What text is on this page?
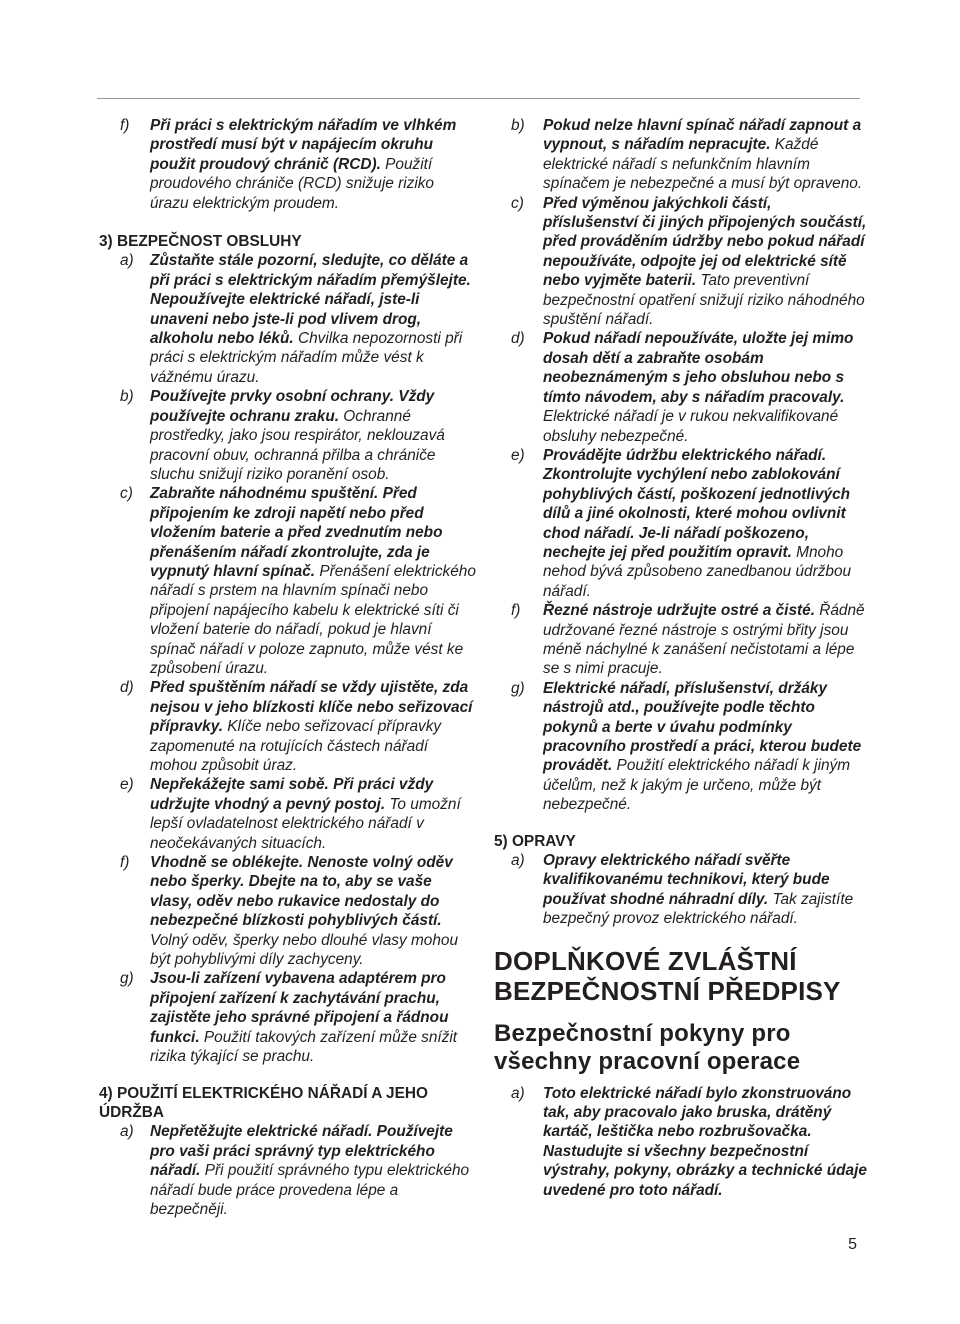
f) Při práci s elektrickým nářadím ve vlhkém prostředí musí být v napájecím okruhu použit proudový chránič (RCD). Použití proudového chrániče (RCD) snižuje riziko úrazu elektrickým proudem.
3) BEZPEČNOST OBSLUHY
a) Zůstaňte stále pozorní, sledujte, co děláte a při práci s elektrickým nářadím přemýšlejte. Nepoužívejte elektrické nářadí, jste-li unaveni nebo jste-li pod vlivem drog, alkoholu nebo léků. Chvilka nepozornosti při práci s elektrickým nářadím může vést k vážnému úrazu.
b) Používejte prvky osobní ochrany. Vždy používejte ochranu zraku. Ochranné prostředky, jako jsou respirátor, neklouzavá pracovní obuv, ochranná přilba a chrániče sluchu snižují riziko poranění osob.
c) Zabraňte náhodnému spuštění. Před připojením ke zdroji napětí nebo před vložením baterie a před zvednutím nebo přenášením nářadí zkontrolujte, zda je vypnutý hlavní spínač. Přenášení elektrického nářadí s prstem na hlavním spínači nebo připojení napájecího kabelu k elektrické síti či vložení baterie do nářadí, pokud je hlavní spínač nářadí v poloze zapnuto, může vést ke způsobení úrazu.
d) Před spuštěním nářadí se vždy ujistěte, zda nejsou v jeho blízkosti klíče nebo seřizovací přípravky. Klíče nebo seřizovací přípravky zapomenuté na rotujících částech nářadí mohou způsobit úraz.
e) Nepřekážejte sami sobě. Při práci vždy udržujte vhodný a pevný postoj. To umožní lepší ovladatelnost elektrického nářadí v neočekávaných situacích.
f) Vhodně se oblékejte. Nenoste volný oděv nebo šperky. Dbejte na to, aby se vaše vlasy, oděv nebo rukavice nedostaly do nebezpečné blízkosti pohyblivých částí. Volný oděv, šperky nebo dlouhé vlasy mohou být pohyblivými díly zachyceny.
g) Jsou-li zařízení vybavena adaptérem pro připojení zařízení k zachytávání prachu, zajistěte jeho správné připojení a řádnou funkci. Použití takových zařízení může snížit rizika týkající se prachu.
4) POUŽITÍ ELEKTRICKÉHO NÁŘADÍ A JEHO ÚDRŽBA
a) Nepřetěžujte elektrické nářadí. Používejte pro vaši práci správný typ elektrického nářadí. Při použití správného typu elektrického nářadí bude práce provedena lépe a bezpečněji.
b) Pokud nelze hlavní spínač nářadí zapnout a vypnout, s nářadím nepracujte. Každé elektrické nářadí s nefunkčním hlavním spínačem je nebezpečné a musí být opraveno.
c) Před výměnou jakýchkoli částí, příslušenství či jiných připojených součástí, před prováděním údržby nebo pokud nářadí nepoužíváte, odpojte jej od elektrické sítě nebo vyjměte baterii. Tato preventivní bezpečnostní opatření snižují riziko náhodného spuštění nářadí.
d) Pokud nářadí nepoužíváte, uložte jej mimo dosah dětí a zabraňte osobám neobeznámeným s jeho obsluhou nebo s tímto návodem, aby s nářadím pracovaly. Elektrické nářadí je v rukou nekvalifikované obsluhy nebezpečné.
e) Provádějte údržbu elektrického nářadí. Zkontrolujte vychýlení nebo zablokování pohyblivých částí, poškození jednotlivých dílů a jiné okolnosti, které mohou ovlivnit chod nářadí. Je-li nářadí poškozeno, nechejte jej před použitím opravit. Mnoho nehod bývá způsobeno zanedbanou údržbou nářadí.
f) Řezné nástroje udržujte ostré a čisté. Řádně udržované řezné nástroje s ostrými břity jsou méně náchylné k zanášení nečistotami a lépe se s nimi pracuje.
g) Elektrické nářadí, příslušenství, držáky nástrojů atd., používejte podle těchto pokynů a berte v úvahu podmínky pracovního prostředí a práci, kterou budete provádět. Použití elektrického nářadí k jiným účelům, než k jakým je určeno, může být nebezpečné.
5) OPRAVY
a) Opravy elektrického nářadí svěřte kvalifikovanému technikovi, který bude používat shodné náhradní díly. Tak zajistíte bezpečný provoz elektrického nářadí.
DOPLŇKOVÉ ZVLÁŠTNÍ BEZPEČNOSTNÍ PŘEDPISY
Bezpečnostní pokyny pro všechny pracovní operace
a) Toto elektrické nářadí bylo zkonstruováno tak, aby pracovalo jako bruska, drátěný kartáč, leštička nebo rozbrušovačka. Nastudujte si všechny bezpečnostní výstrahy, pokyny, obrázky a technické údaje uvedené pro toto nářadí.
5
